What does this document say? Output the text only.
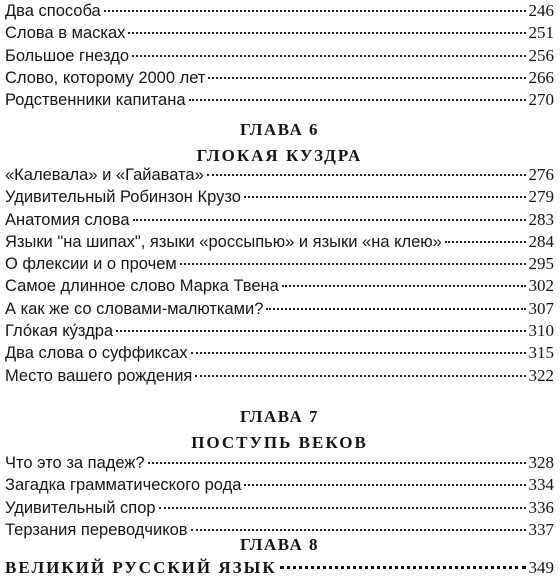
Два способа	246
Слова в масках	251
Большое гнездо	256
Слово, которому 2000 лет	266
Родственники капитана	270
ГЛАВА 6
ГЛОКАЯ КУЗДРА
«Калевала» и «Гайавата»	276
Удивительный Робинзон Крузо	279
Анатомия слова	283
Языки "на шипах", языки «россыпью» и языки «на клею»	284
О флексии и о прочем	295
Самое длинное слово Марка Твена	302
А как же со словами-малютками?	307
Гло́кая ку́здра	310
Два слова о суффиксах	315
Место вашего рождения	322
ГЛАВА 7
ПОСТУПЬ ВЕКОВ
Что это за падеж?	328
Загадка грамматического рода	334
Удивительный спор	336
Терзания переводчиков	337
ГЛАВА 8
ВЕЛИКИЙ РУССКИЙ ЯЗЫК	349
